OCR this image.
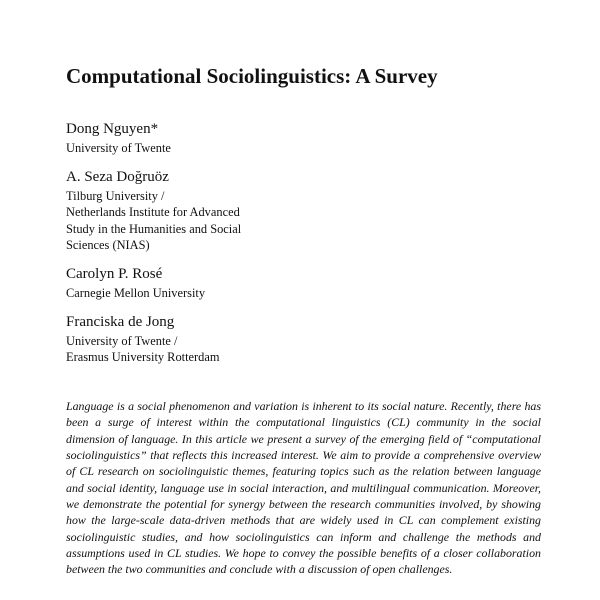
Computational Sociolinguistics: A Survey
Dong Nguyen*
University of Twente
A. Seza Doğruöz
Tilburg University /
Netherlands Institute for Advanced
Study in the Humanities and Social
Sciences (NIAS)
Carolyn P. Rosé
Carnegie Mellon University
Franciska de Jong
University of Twente /
Erasmus University Rotterdam

Language is a social phenomenon and variation is inherent to its social nature. Recently, there has been a surge of interest within the computational linguistics (CL) community in the social dimension of language. In this article we present a survey of the emerging field of “computational sociolinguistics” that reflects this increased interest. We aim to provide a comprehensive overview of CL research on sociolinguistic themes, featuring topics such as the relation between language and social identity, language use in social interaction, and multilingual communication. Moreover, we demonstrate the potential for synergy between the research communities involved, by showing how the large-scale data-driven methods that are widely used in CL can complement existing sociolinguistic studies, and how sociolinguistics can inform and challenge the methods and assumptions used in CL studies. We hope to convey the possible benefits of a closer collaboration between the two communities and conclude with a discussion of open challenges.
